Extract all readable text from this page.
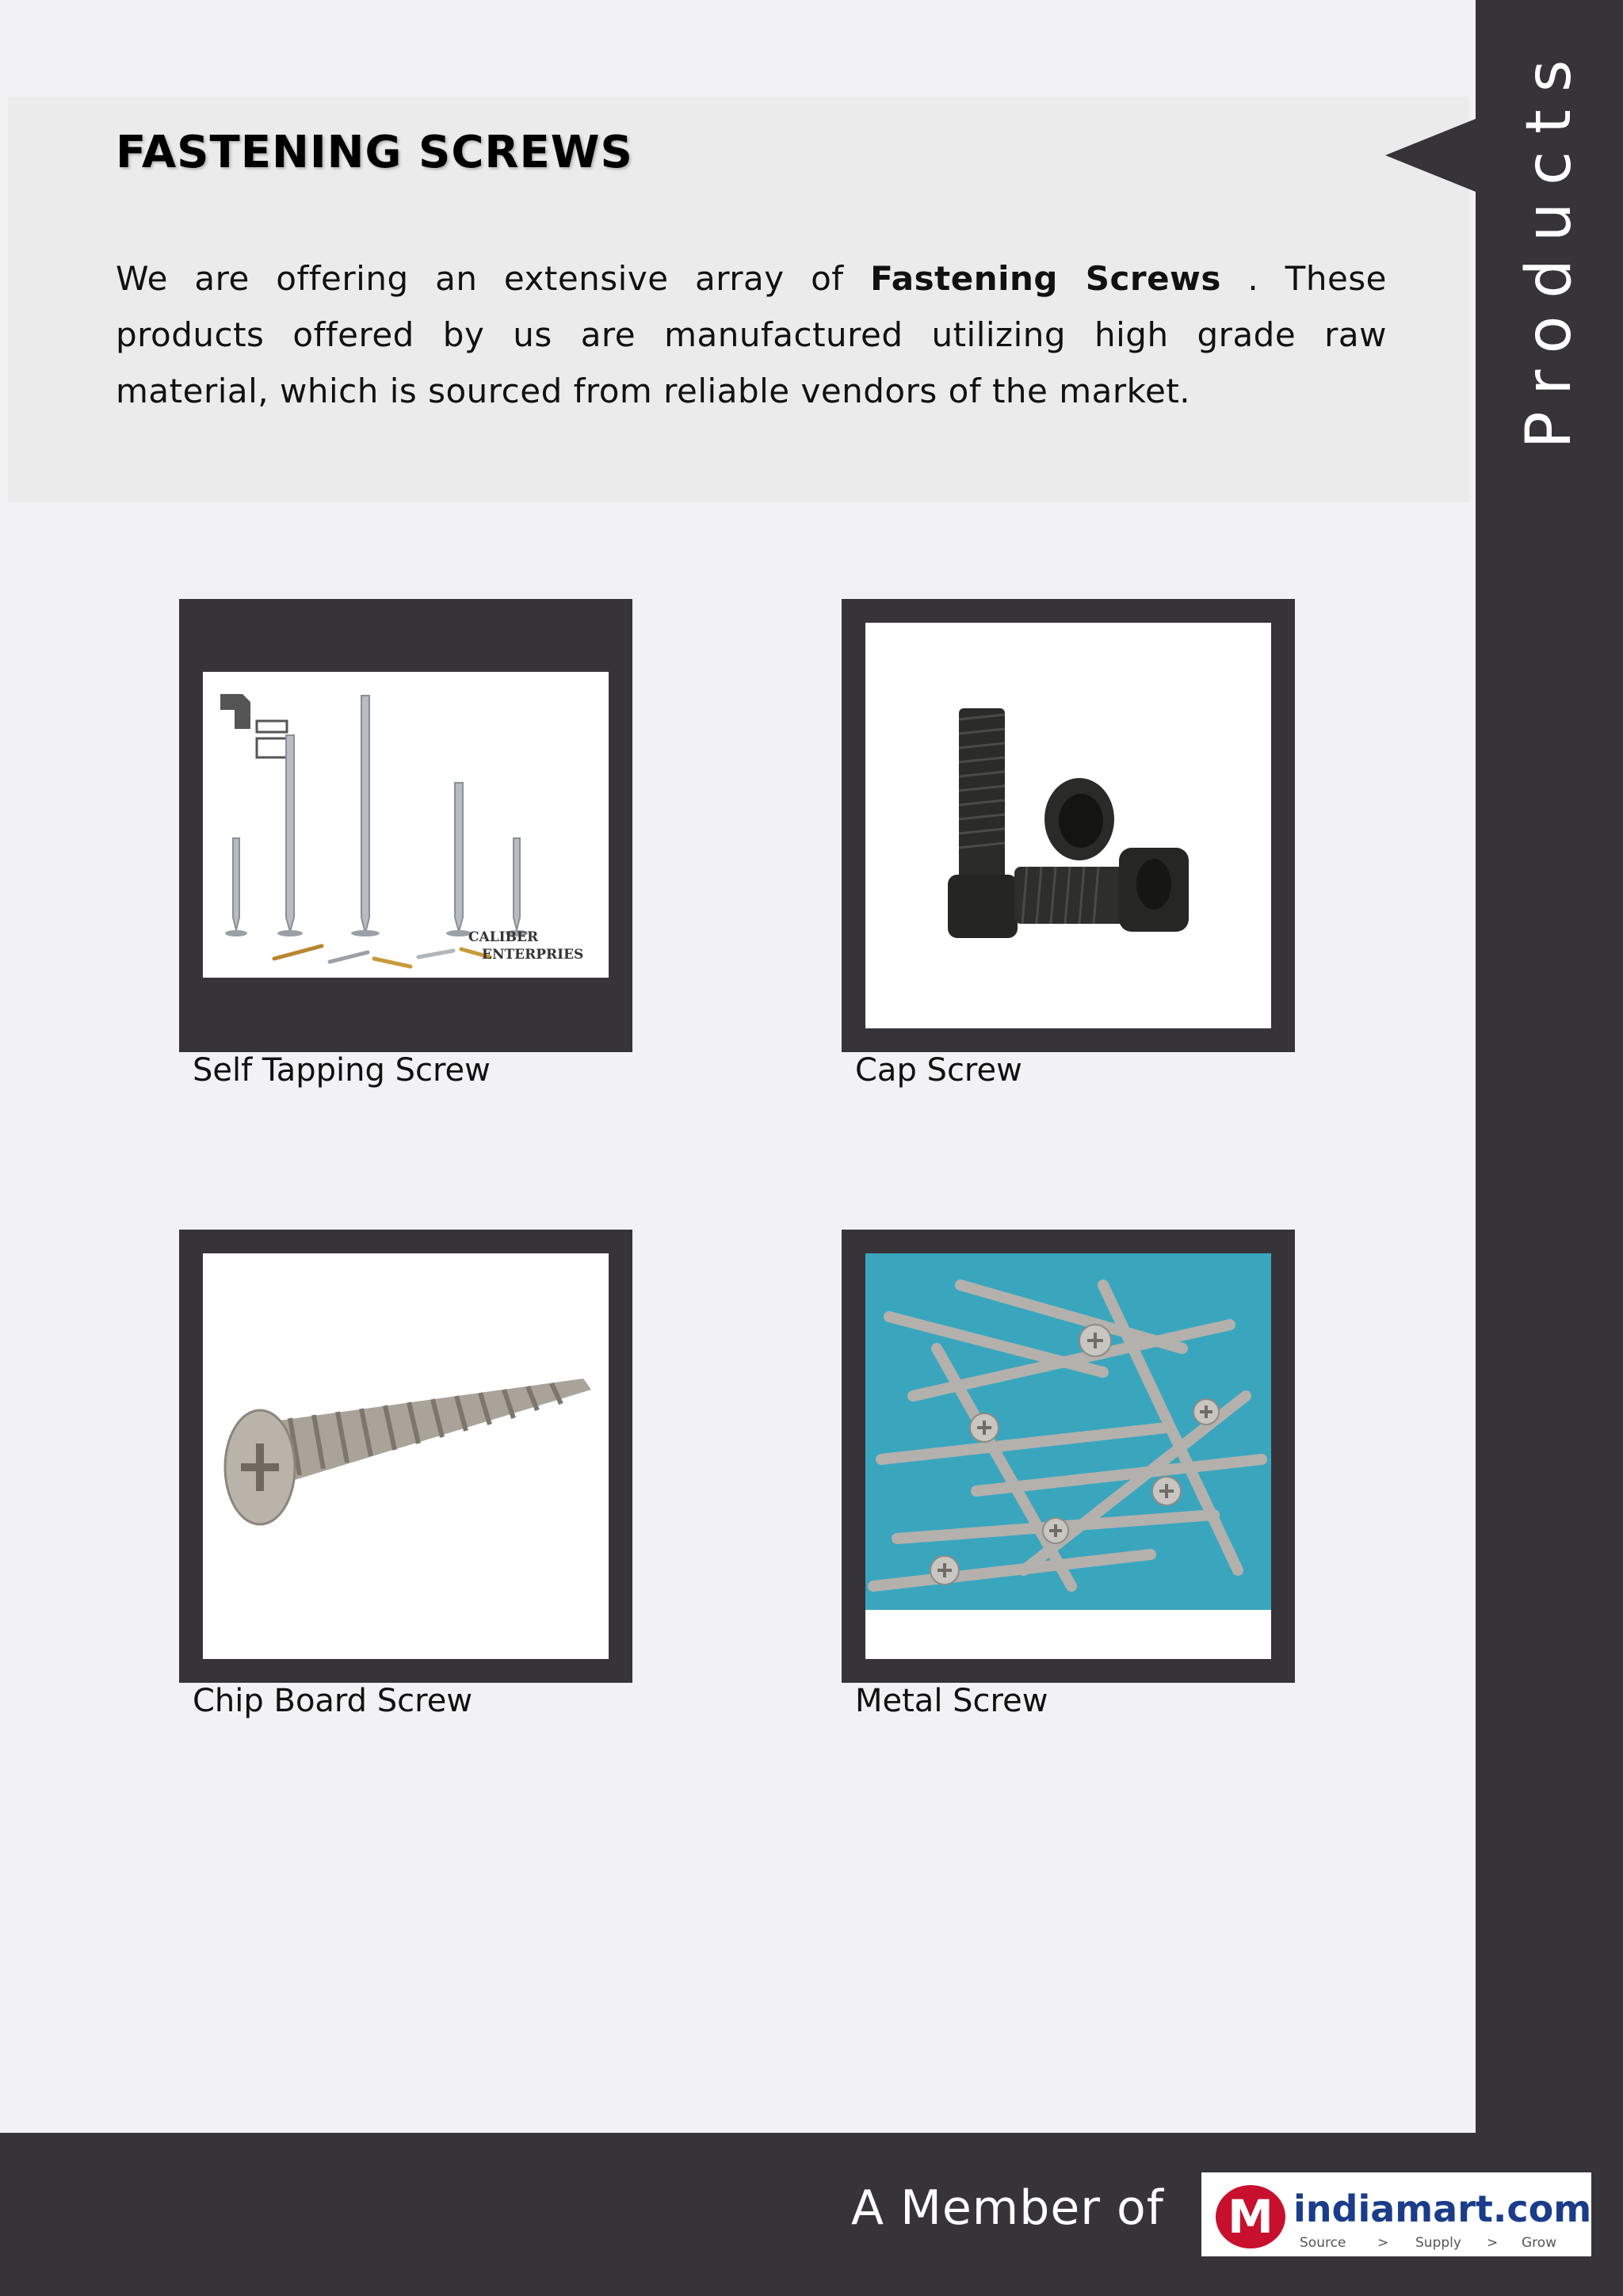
FASTENING SCREWS

We are offering an extensive array of Fastening Screws . These products offered by us are manufactured utilizing high grade raw material, which is sourced from reliable vendors of the market.	Products
CALIBER
ENTERPRIES
Self Tapping Screw	Cap Screw
Chip Board Screw	Metal Screw
A Member of M indiamart.com
Source > Supply > Grow
